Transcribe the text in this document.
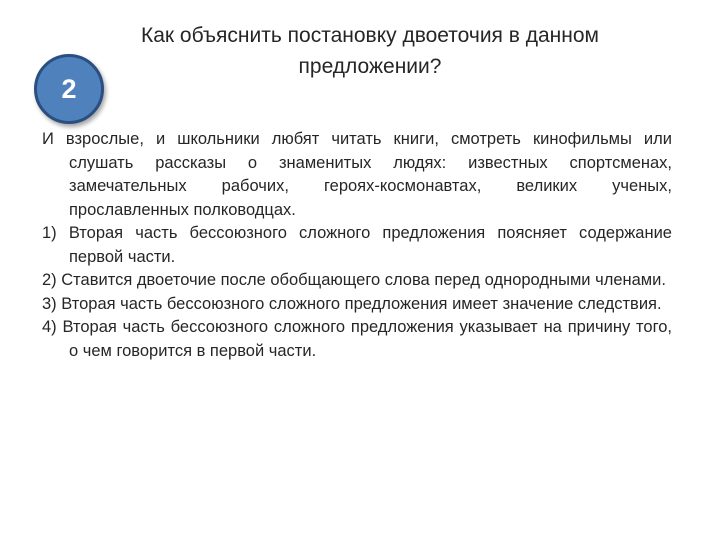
Как объяснить постановку двоеточия в данном предложении?
2

И взрослые, и школьники любят читать книги, смотреть кинофильмы или слушать рассказы о знаменитых людях: известных спортсменах, замечательных рабочих, героях-космонавтах, великих ученых, прославленных полководцах.

1) Вторая часть бессоюзного сложного предложения поясняет содержание первой части.

2) Ставится двоеточие после обобщающего слова перед однородными членами.

3) Вторая часть бессоюзного сложного предложения имеет значение следствия.

4) Вторая часть бессоюзного сложного предложения указывает на причину того, о чем говорится в первой части.
